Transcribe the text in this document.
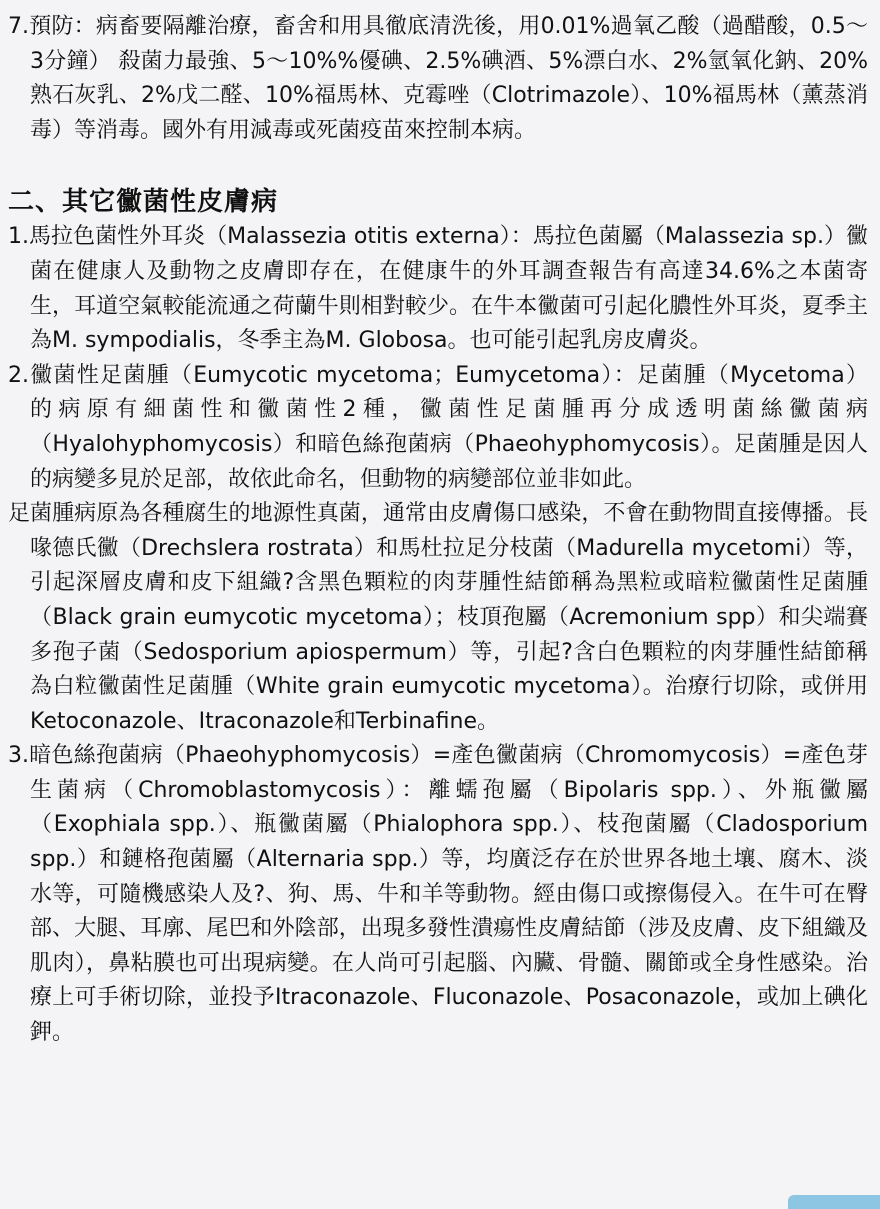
7.預防：病畜要隔離治療，畜舍和用具徹底清洗後，用0.01%過氧乙酸（過醋酸，0.5～3分鐘） 殺菌力最強、5～10%%優碘、2.5%碘酒、5%漂白水、2%氫氧化鈉、20%熟石灰乳、2%戊二醛、10%福馬林、克霉唑（Clotrimazole）、10%福馬林（薰蒸消毒）等消毒。國外有用減毒或死菌疫苗來控制本病。

二、其它黴菌性皮膚病

1.馬拉色菌性外耳炎（Malassezia otitis externa）：馬拉色菌屬（Malassezia sp.）黴菌在健康人及動物之皮膚即存在，在健康牛的外耳調查報告有高達34.6%之本菌寄生，耳道空氣較能流通之荷蘭牛則相對較少。在牛本黴菌可引起化膿性外耳炎，夏季主為M. sympodialis，冬季主為M. Globosa。也可能引起乳房皮膚炎。

2.黴菌性足菌腫（Eumycotic mycetoma；Eumycetoma）：足菌腫（Mycetoma）的病原有細菌性和黴菌性2種，黴菌性足菌腫再分成透明菌絲黴菌病（Hyalohyphomycosis）和暗色絲孢菌病（Phaeohyphomycosis）。足菌腫是因人的病變多見於足部，故依此命名，但動物的病變部位並非如此。

足菌腫病原為各種腐生的地源性真菌，通常由皮膚傷口感染，不會在動物間直接傳播。長喙德氏黴（Drechslera rostrata）和馬杜拉足分枝菌（Madurella mycetomi）等，引起深層皮膚和皮下組織?含黑色顆粒的肉芽腫性結節稱為黑粒或暗粒黴菌性足菌腫（Black grain eumycotic mycetoma）；枝頂孢屬（Acremonium spp）和尖端賽多孢子菌（Sedosporium apiospermum）等，引起?含白色顆粒的肉芽腫性結節稱為白粒黴菌性足菌腫（White grain eumycotic mycetoma）。治療行切除，或併用Ketoconazole、Itraconazole和Terbinafine。

3.暗色絲孢菌病（Phaeohyphomycosis）=產色黴菌病（Chromomycosis）=產色芽生菌病（Chromoblastomycosis）：離蠕孢屬（Bipolaris spp.）、外瓶黴屬（Exophiala spp.）、瓶黴菌屬（Phialophora spp.）、枝孢菌屬（Cladosporium spp.）和鏈格孢菌屬（Alternaria spp.）等，均廣泛存在於世界各地土壤、腐木、淡水等，可隨機感染人及?、狗、馬、牛和羊等動物。經由傷口或擦傷侵入。在牛可在臀部、大腿、耳廓、尾巴和外陰部，出現多發性潰瘍性皮膚結節（涉及皮膚、皮下組織及肌肉），鼻粘膜也可出現病變。在人尚可引起腦、內臟、骨髓、關節或全身性感染。治療上可手術切除，並投予Itraconazole、Fluconazole、Posaconazole，或加上碘化鉀。
